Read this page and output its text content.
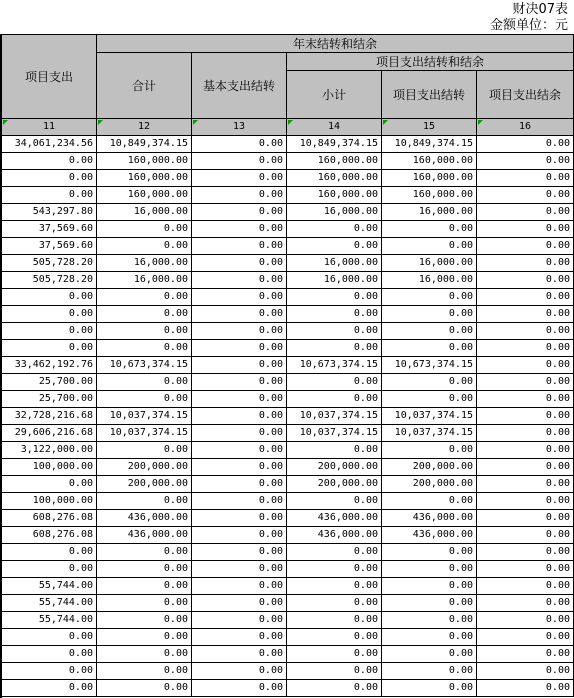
财决07表
金额单位：元
项目支出
年末结转和结余
合计	基本支出结转
项目支出结转和结余
小计	项目支出结转	项目支出结余
11	12	13	14	15	16
34,061,234.56	10,849,374.15	0.00	10,849,374.15	10,849,374.15	0.00
0.00	160,000.00	0.00	160,000.00	160,000.00	0.00
0.00	160,000.00	0.00	160,000.00	160,000.00	0.00
0.00	160,000.00	0.00	160,000.00	160,000.00	0.00
543,297.80	16,000.00	0.00	16,000.00	16,000.00	0.00
37,569.60	0.00	0.00	0.00	0.00	0.00
37,569.60	0.00	0.00	0.00	0.00	0.00
505,728.20	16,000.00	0.00	16,000.00	16,000.00	0.00
505,728.20	16,000.00	0.00	16,000.00	16,000.00	0.00
0.00	0.00	0.00	0.00	0.00	0.00
0.00	0.00	0.00	0.00	0.00	0.00
0.00	0.00	0.00	0.00	0.00	0.00
0.00	0.00	0.00	0.00	0.00	0.00
33,462,192.76	10,673,374.15	0.00	10,673,374.15	10,673,374.15	0.00
25,700.00	0.00	0.00	0.00	0.00	0.00
25,700.00	0.00	0.00	0.00	0.00	0.00
32,728,216.68	10,037,374.15	0.00	10,037,374.15	10,037,374.15	0.00
29,606,216.68	10,037,374.15	0.00	10,037,374.15	10,037,374.15	0.00
3,122,000.00	0.00	0.00	0.00	0.00	0.00
100,000.00	200,000.00	0.00	200,000.00	200,000.00	0.00
0.00	200,000.00	0.00	200,000.00	200,000.00	0.00
100,000.00	0.00	0.00	0.00	0.00	0.00
608,276.08	436,000.00	0.00	436,000.00	436,000.00	0.00
608,276.08	436,000.00	0.00	436,000.00	436,000.00	0.00
0.00	0.00	0.00	0.00	0.00	0.00
0.00	0.00	0.00	0.00	0.00	0.00
55,744.00	0.00	0.00	0.00	0.00	0.00
55,744.00	0.00	0.00	0.00	0.00	0.00
55,744.00	0.00	0.00	0.00	0.00	0.00
0.00	0.00	0.00	0.00	0.00	0.00
0.00	0.00	0.00	0.00	0.00	0.00
0.00	0.00	0.00	0.00	0.00	0.00
0.00	0.00	0.00	0.00	0.00	0.00
